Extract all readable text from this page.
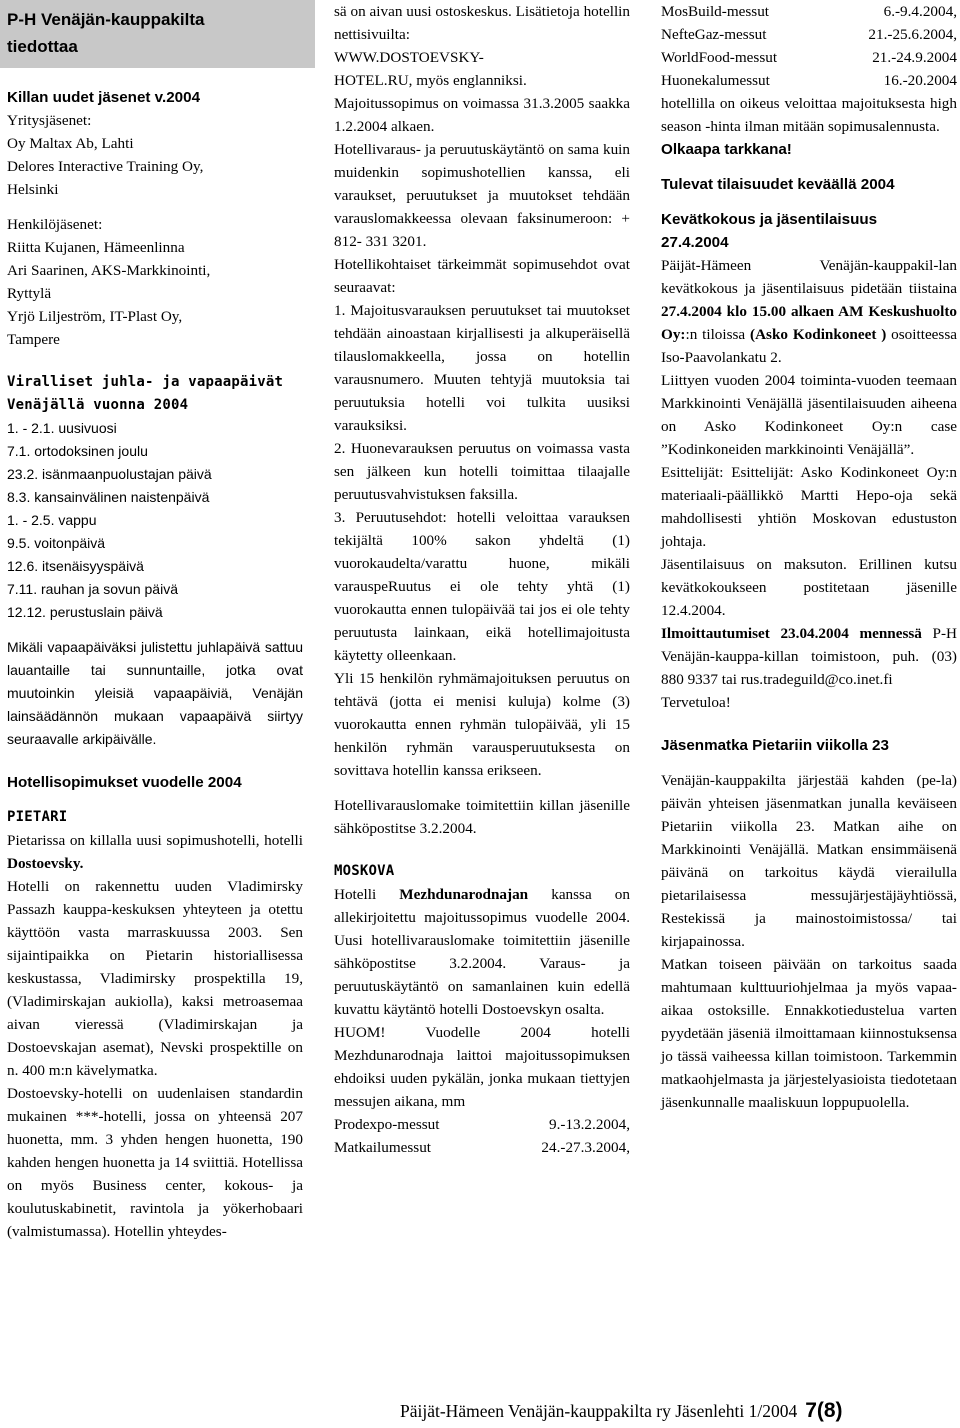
P-H Venäjän-kauppakilta
tiedottaa

Killan uudet jäsenet v.2004

Yritysjäsenet:

Oy Maltax Ab, Lahti

Delores Interactive Training Oy,

Helsinki

Henkilöjäsenet:

Riitta Kujanen, Hämeenlinna

Ari Saarinen, AKS-Markkinointi,

Ryttylä

Yrjö Liljeström, IT-Plast Oy,

Tampere

Viralliset juhla- ja vapaapäivät

Venäjällä vuonna 2004

1. - 2.1. uusivuosi

7.1. ortodoksinen joulu

23.2. isänmaanpuolustajan päivä

8.3. kansainvälinen naistenpäivä

1. - 2.5. vappu

9.5. voitonpäivä

12.6. itsenäisyyspäivä

7.11. rauhan ja sovun päivä

12.12. perustuslain päivä

Mikäli vapaapäiväksi julistettu juhlapäivä sattuu lauantaille tai sunnuntaille, jotka ovat muutoinkin yleisiä vapaapäiviä, Venäjän lainsäädännön mukaan vapaapäivä siirtyy seuraavalle arkipäivälle.

Hotellisopimukset vuodelle 2004

PIETARI

Pietarissa on killalla uusi sopimushotelli, hotelli Dostoevsky.

Hotelli on rakennettu uuden Vladimirsky Passazh kauppa-keskuksen yhteyteen ja otettu käyttöön vasta marraskuussa 2003. Sen sijaintipaikka on Pietarin historiallisessa keskustassa, Vladimirsky prospektilla 19, (Vladimirskajan aukiolla), kaksi metroasemaa aivan vieressä (Vladimirskajan ja Dostoevskajan asemat), Nevski prospektille on n. 400 m:n kävelymatka.

Dostoevsky-hotelli on uudenlaisen standardin mukainen ***-hotelli, jossa on yhteensä 207 huonetta, mm. 3 yhden hengen huonetta, 190 kahden hengen huonetta ja 14 sviittiä. Hotellissa on myös Business center, kokous- ja koulutuskabinetit, ravintola ja yökerhobaari (valmistumassa). Hotellin yhteydes-

sä on aivan uusi ostoskeskus. Lisätietoja hotellin nettisivuilta:

WWW.DOSTOEVSKY-

HOTEL.RU, myös englanniksi.

Majoitussopimus on voimassa 31.3.2005 saakka 1.2.2004 alkaen.

Hotellivaraus- ja peruutuskäytäntö on sama kuin muidenkin sopimushotellien kanssa, eli varaukset, peruutukset ja muutokset tehdään varauslomakkeessa olevaan faksinumeroon: + 812- 331 3201.

Hotellikohtaiset tärkeimmät sopimusehdot ovat seuraavat:

1. Majoitusvarauksen peruutukset tai muutokset tehdään ainoastaan kirjallisesti ja alkuperäisellä tilauslomakkeella, jossa on hotellin varausnumero. Muuten tehtyjä muutoksia tai peruutuksia hotelli voi tulkita uusiksi varauksiksi.

2. Huonevarauksen peruutus on voimassa vasta sen jälkeen kun hotelli toimittaa tilaajalle peruutusvahvistuksen faksilla.

3. Peruutusehdot: hotelli veloittaa varauksen tekijältä 100% sakon yhdeltä (1) vuorokaudelta/varattu huone, mikäli varauspeRuutus ei ole tehty yhtä (1) vuorokautta ennen tulopäivää tai jos ei ole tehty peruutusta lainkaan, eikä hotellimajoitusta käytetty olleenkaan.

Yli 15 henkilön ryhmämajoituksen peruutus on tehtävä (jotta ei menisi kuluja) kolme (3) vuorokautta ennen ryhmän tulopäivää, yli 15 henkilön ryhmän varausperuutuksesta on sovittava hotellin kanssa erikseen.

Hotellivarauslomake toimitettiin killan jäsenille sähköpostitse 3.2.2004.

MOSKOVA

Hotelli Mezhdunarodnajan kanssa on allekirjoitettu majoitussopimus vuodelle 2004. Uusi hotellivarauslomake toimitettiin jäsenille sähköpostitse 3.2.2004. Varaus- ja peruutuskäytäntö on samanlainen kuin edellä kuvattu käytäntö hotelli Dostoevskyn osalta.

HUOM! Vuodelle 2004 hotelli Mezhdunarodnaja laittoi majoitussopimuksen ehdoiksi uuden pykälän, jonka mukaan tiettyjen messujen aikana, mm

Prodexpo-messut	9.-13.2.2004,
Matkailumessut	24.-27.3.2004,
MosBuild-messut	6.-9.4.2004,
NefteGaz-messut	21.-25.6.2004,
WorldFood-messut	21.-24.9.2004
Huonekalumessut	16.-20.2004

hotellilla on oikeus veloittaa majoituksesta high season -hinta ilman mitään sopimusalennusta.

Olkaapa tarkkana!

Tulevat tilaisuudet keväällä 2004

Kevätkokous ja jäsentilaisuus

27.4.2004

Päijät-Hämeen Venäjän-kauppakil-lan kevätkokous ja jäsentilaisuus pidetään tiistaina 27.4.2004 klo 15.00 alkaen AM Keskushuolto Oy::n tiloissa (Asko Kodinkoneet ) osoitteessa Iso-Paavolankatu 2.

Liittyen vuoden 2004 toiminta-vuoden teemaan Markkinointi Venäjällä jäsentilaisuuden aiheena on Asko Kodinkoneet Oy:n case ”Kodinkoneiden markkinointi Venäjällä”.

Esittelijät: Esittelijät: Asko Kodinkoneet Oy:n materiaali-päällikkö Martti Hepo-oja sekä mahdollisesti yhtiön Moskovan edustuston johtaja.

Jäsentilaisuus on maksuton. Erillinen kutsu kevätkokoukseen postitetaan jäsenille 12.4.2004.

Ilmoittautumiset 23.04.2004 mennessä P-H Venäjän-kauppa-killan toimistoon, puh. (03) 880 9337 tai rus.tradeguild@co.inet.fi

Tervetuloa!

Jäsenmatka Pietariin viikolla 23

Venäjän-kauppakilta järjestää kahden (pe-la) päivän yhteisen jäsenmatkan junalla keväiseen Pietariin viikolla 23. Matkan aihe on Markkinointi Venäjällä. Matkan ensimmäisenä päivänä on tarkoitus käydä vierailulla pietarilaisessa messujärjestäjäyhtiössä, Restekissä ja mainostoimistossa/ tai kirjapainossa.

Matkan toiseen päivään on tarkoitus saada mahtumaan kulttuuriohjelmaa ja myös vapaa-aikaa ostoksille. Ennakkotiedustelua varten pyydetään jäseniä ilmoittamaan kiinnostuksensa jo tässä vaiheessa killan toimistoon. Tarkemmin matkaohjelmasta ja järjestelyasioista tiedotetaan jäsenkunnalle maaliskuun loppupuolella.

Päijät-Hämeen Venäjän-kauppakilta ry Jäsenlehti 1/2004 7(8)
